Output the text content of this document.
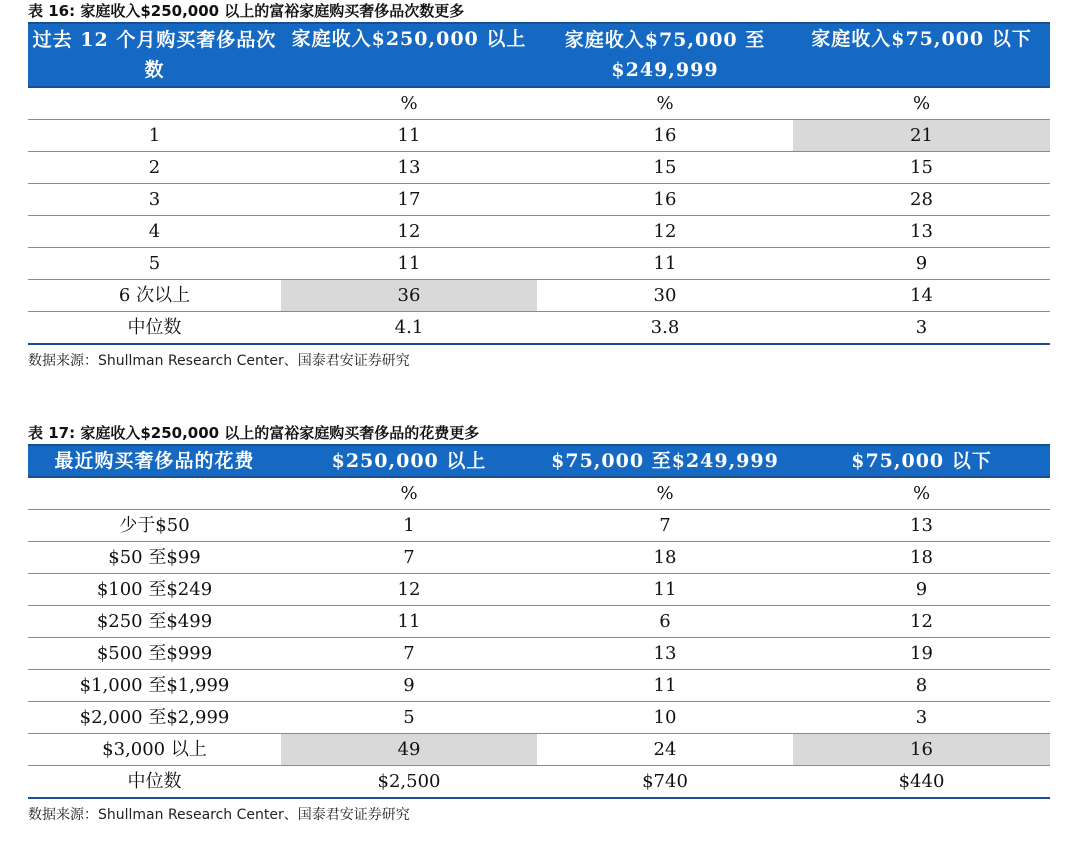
表 16: 家庭收入$250,000 以上的富裕家庭购买奢侈品次数更多
过去 12 个月购买奢侈品次数	家庭收入$250,000 以上	家庭收入$75,000 至$249,999	家庭收入$75,000 以下
	%	%	%
1	11	16	21
2	13	15	15
3	17	16	28
4	12	12	13
5	11	11	9
6 次以上	36	30	14
中位数	4.1	3.8	3
数据来源：Shullman Research Center、国泰君安证券研究
表 17: 家庭收入$250,000 以上的富裕家庭购买奢侈品的花费更多
最近购买奢侈品的花费	$250,000 以上	$75,000 至$249,999	$75,000 以下
	%	%	%
少于$50	1	7	13
$50 至$99	7	18	18
$100 至$249	12	11	9
$250 至$499	11	6	12
$500 至$999	7	13	19
$1,000 至$1,999	9	11	8
$2,000 至$2,999	5	10	3
$3,000 以上	49	24	16
中位数	$2,500	$740	$440
数据来源：Shullman Research Center、国泰君安证券研究
